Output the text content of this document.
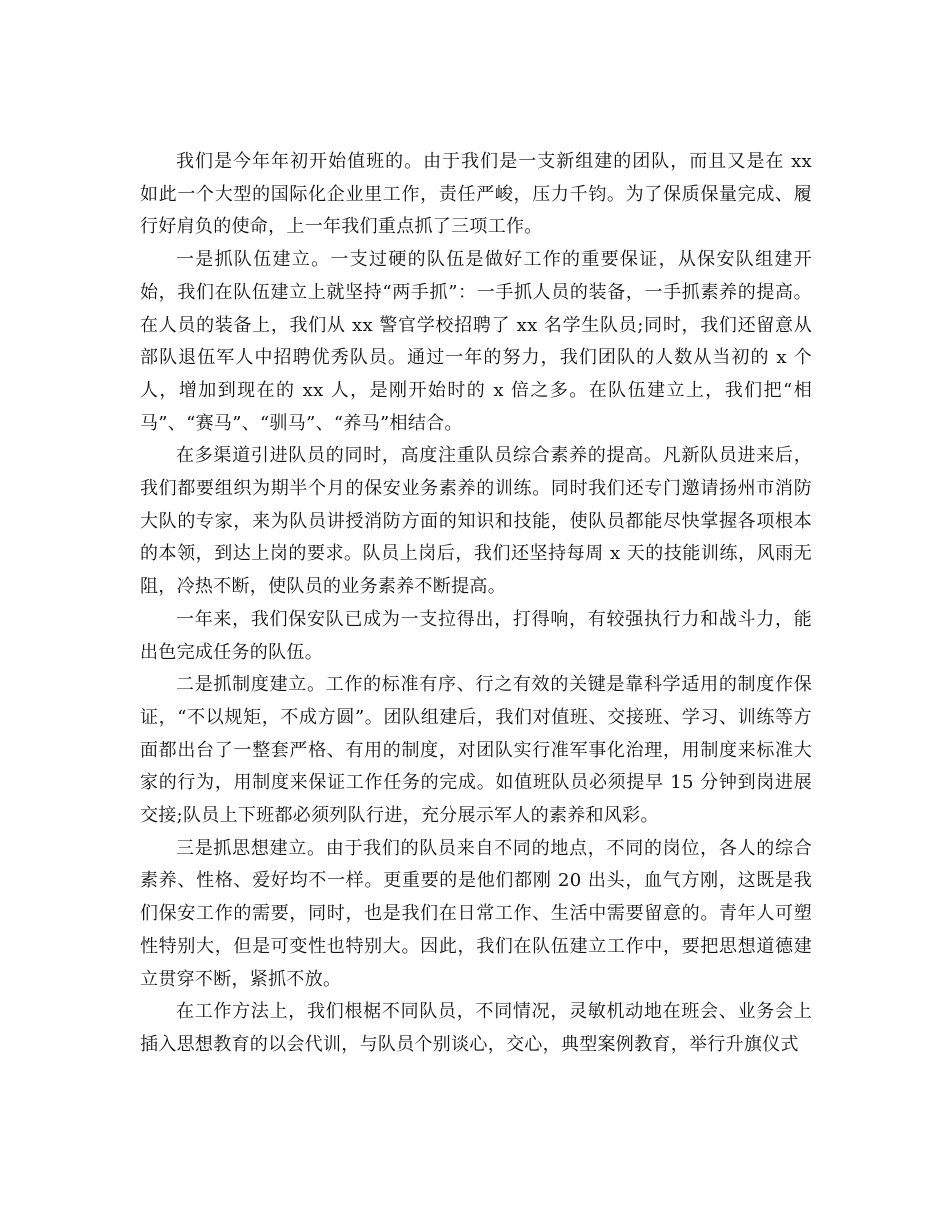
我们是今年年初开始值班的。由于我们是一支新组建的团队，而且又是在 xx 如此一个大型的国际化企业里工作，责任严峻，压力千钧。为了保质保量完成、履行好肩负的使命，上一年我们重点抓了三项工作。

一是抓队伍建立。一支过硬的队伍是做好工作的重要保证，从保安队组建开始，我们在队伍建立上就坚持“两手抓”：一手抓人员的装备，一手抓素养的提高。在人员的装备上，我们从 xx 警官学校招聘了 xx 名学生队员;同时，我们还留意从部队退伍军人中招聘优秀队员。通过一年的努力，我们团队的人数从当初的 x 个人，增加到现在的 xx 人，是刚开始时的 x 倍之多。在队伍建立上，我们把“相马”、“赛马”、“驯马”、“养马”相结合。

在多渠道引进队员的同时，高度注重队员综合素养的提高。凡新队员进来后，我们都要组织为期半个月的保安业务素养的训练。同时我们还专门邀请扬州市消防大队的专家，来为队员讲授消防方面的知识和技能，使队员都能尽快掌握各项根本的本领，到达上岗的要求。队员上岗后，我们还坚持每周 x 天的技能训练，风雨无阻，冷热不断，使队员的业务素养不断提高。

一年来，我们保安队已成为一支拉得出，打得响，有较强执行力和战斗力，能出色完成任务的队伍。

二是抓制度建立。工作的标准有序、行之有效的关键是靠科学适用的制度作保证，“不以规矩，不成方圆”。团队组建后，我们对值班、交接班、学习、训练等方面都出台了一整套严格、有用的制度，对团队实行准军事化治理，用制度来标准大家的行为，用制度来保证工作任务的完成。如值班队员必须提早 15 分钟到岗进展交接;队员上下班都必须列队行进，充分展示军人的素养和风彩。

三是抓思想建立。由于我们的队员来自不同的地点，不同的岗位，各人的综合素养、性格、爱好均不一样。更重要的是他们都刚 20 出头，血气方刚，这既是我们保安工作的需要，同时，也是我们在日常工作、生活中需要留意的。青年人可塑性特别大，但是可变性也特别大。因此，我们在队伍建立工作中，要把思想道德建立贯穿不断，紧抓不放。

在工作方法上，我们根椐不同队员，不同情况，灵敏机动地在班会、业务会上插入思想教育的以会代训，与队员个别谈心，交心，典型案例教育，举行升旗仪式
